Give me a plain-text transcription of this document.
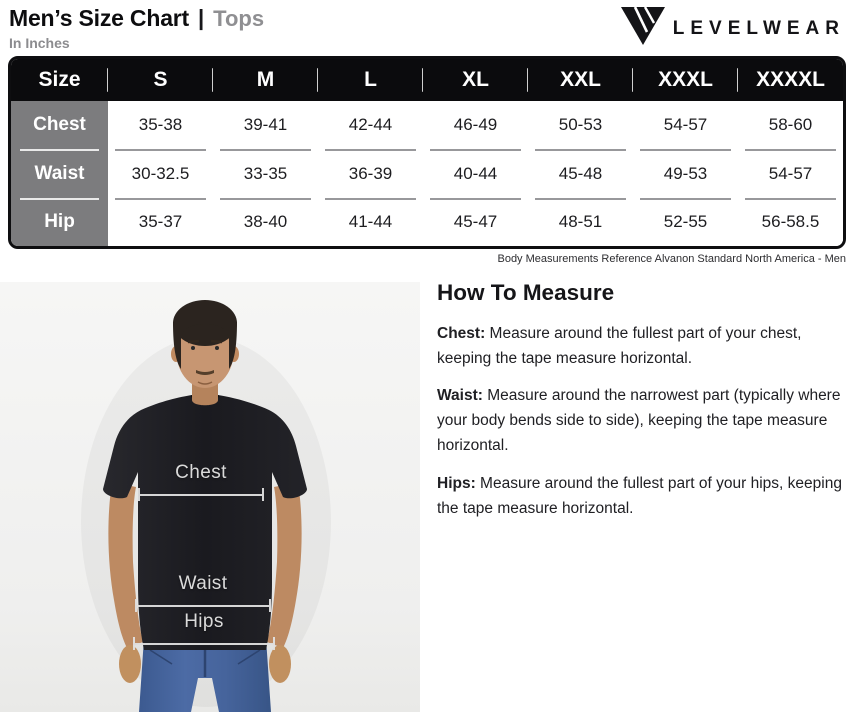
Men’s Size Chart | Tops
In Inches
LEVELWEAR
Size	S	M	L	XL	XXL	XXXL	XXXXL
Chest	35-38	39-41	42-44	46-49	50-53	54-57	58-60
Waist	30-32.5	33-35	36-39	40-44	45-48	49-53	54-57
Hip	35-37	38-40	41-44	45-47	48-51	52-55	56-58.5
Body Measurements Reference Alvanon Standard North America - Men
Chest
Waist
Hips
How To Measure

Chest: Measure around the fullest part of your chest, keeping the tape measure horizontal.

Waist: Measure around the narrowest part (typically where your body bends side to side), keeping the tape measure horizontal.

Hips: Measure around the fullest part of your hips, keeping the tape measure horizontal.
